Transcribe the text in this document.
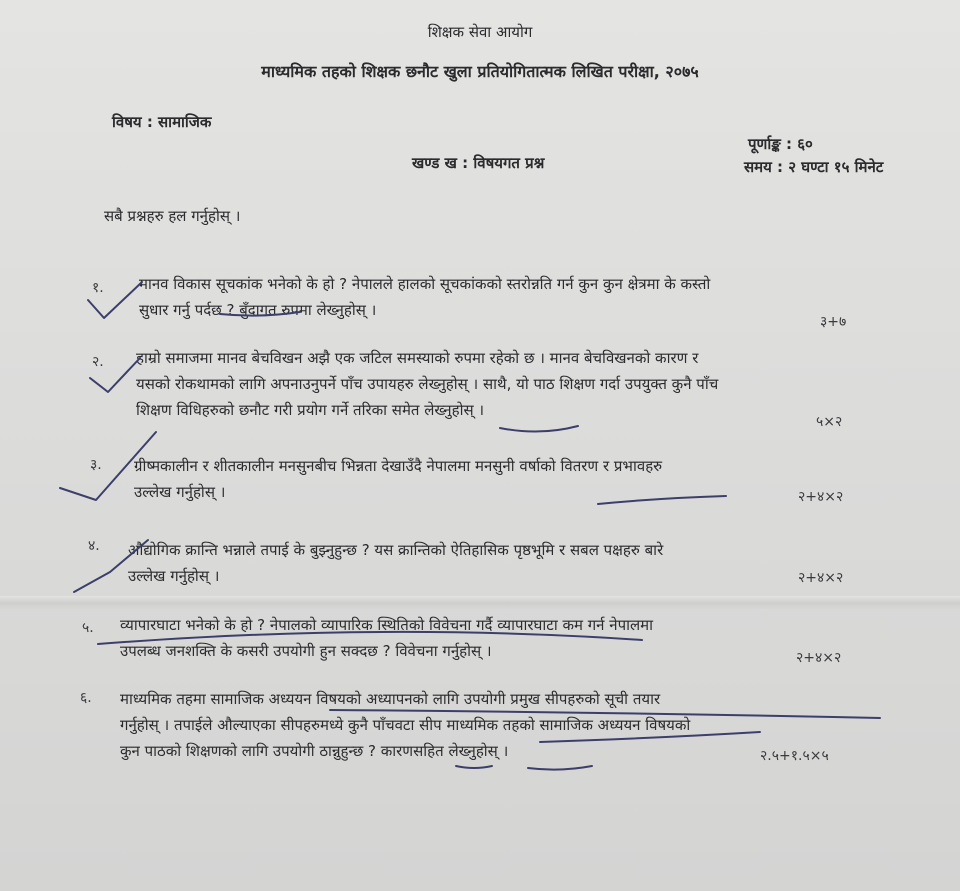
शिक्षक सेवा आयोग
माध्यमिक तहको शिक्षक छनौट खुला प्रतियोगितात्मक लिखित परीक्षा, २०७५
विषय : सामाजिक
पूर्णाङ्क : ६०
खण्ड ख : विषयगत प्रश्न	समय : २ घण्टा १५ मिनेट
सबै प्रश्नहरु हल गर्नुहोस् ।
१. मानव विकास सूचकांक भनेको के हो ? नेपालले हालको सूचकांकको स्तरोन्नति गर्न कुन कुन क्षेत्रमा के कस्तो
सुधार गर्नु पर्दछ ? बुँदागत रुपमा लेख्नुहोस् ।
३+७
२. हाम्रो समाजमा मानव बेचविखन अझै एक जटिल समस्याको रुपमा रहेको छ । मानव बेचविखनको कारण र
यसको रोकथामको लागि अपनाउनुपर्ने पाँच उपायहरु लेख्नुहोस् । साथै, यो पाठ शिक्षण गर्दा उपयुक्त कुनै पाँच
शिक्षण विधिहरुको छनौट गरी प्रयोग गर्ने तरिका समेत लेख्नुहोस् ।
५×२
३. ग्रीष्मकालीन र शीतकालीन मनसुनबीच भिन्नता देखाउँदै नेपालमा मनसुनी वर्षाको वितरण र प्रभावहरु
उल्लेख गर्नुहोस् ।	२+४×२
४. औद्योगिक क्रान्ति भन्नाले तपाई के बुझ्नुहुन्छ ? यस क्रान्तिको ऐतिहासिक पृष्ठभूमि र सबल पक्षहरु बारे
उल्लेख गर्नुहोस् ।	२+४×२
५. व्यापारघाटा भनेको के हो ? नेपालको व्यापारिक स्थितिको विवेचना गर्दै व्यापारघाटा कम गर्न नेपालमा
उपलब्ध जनशक्ति के कसरी उपयोगी हुन सक्दछ ? विवेचना गर्नुहोस् ।	२+४×२
६. माध्यमिक तहमा सामाजिक अध्ययन विषयको अध्यापनको लागि उपयोगी प्रमुख सीपहरुको सूची तयार
गर्नुहोस् । तपाईले औल्याएका सीपहरुमध्ये कुनै पाँचवटा सीप माध्यमिक तहको सामाजिक अध्ययन विषयको
कुन पाठको शिक्षणको लागि उपयोगी ठान्नुहुन्छ ? कारणसहित लेख्नुहोस् ।	२.५+१.५×५
